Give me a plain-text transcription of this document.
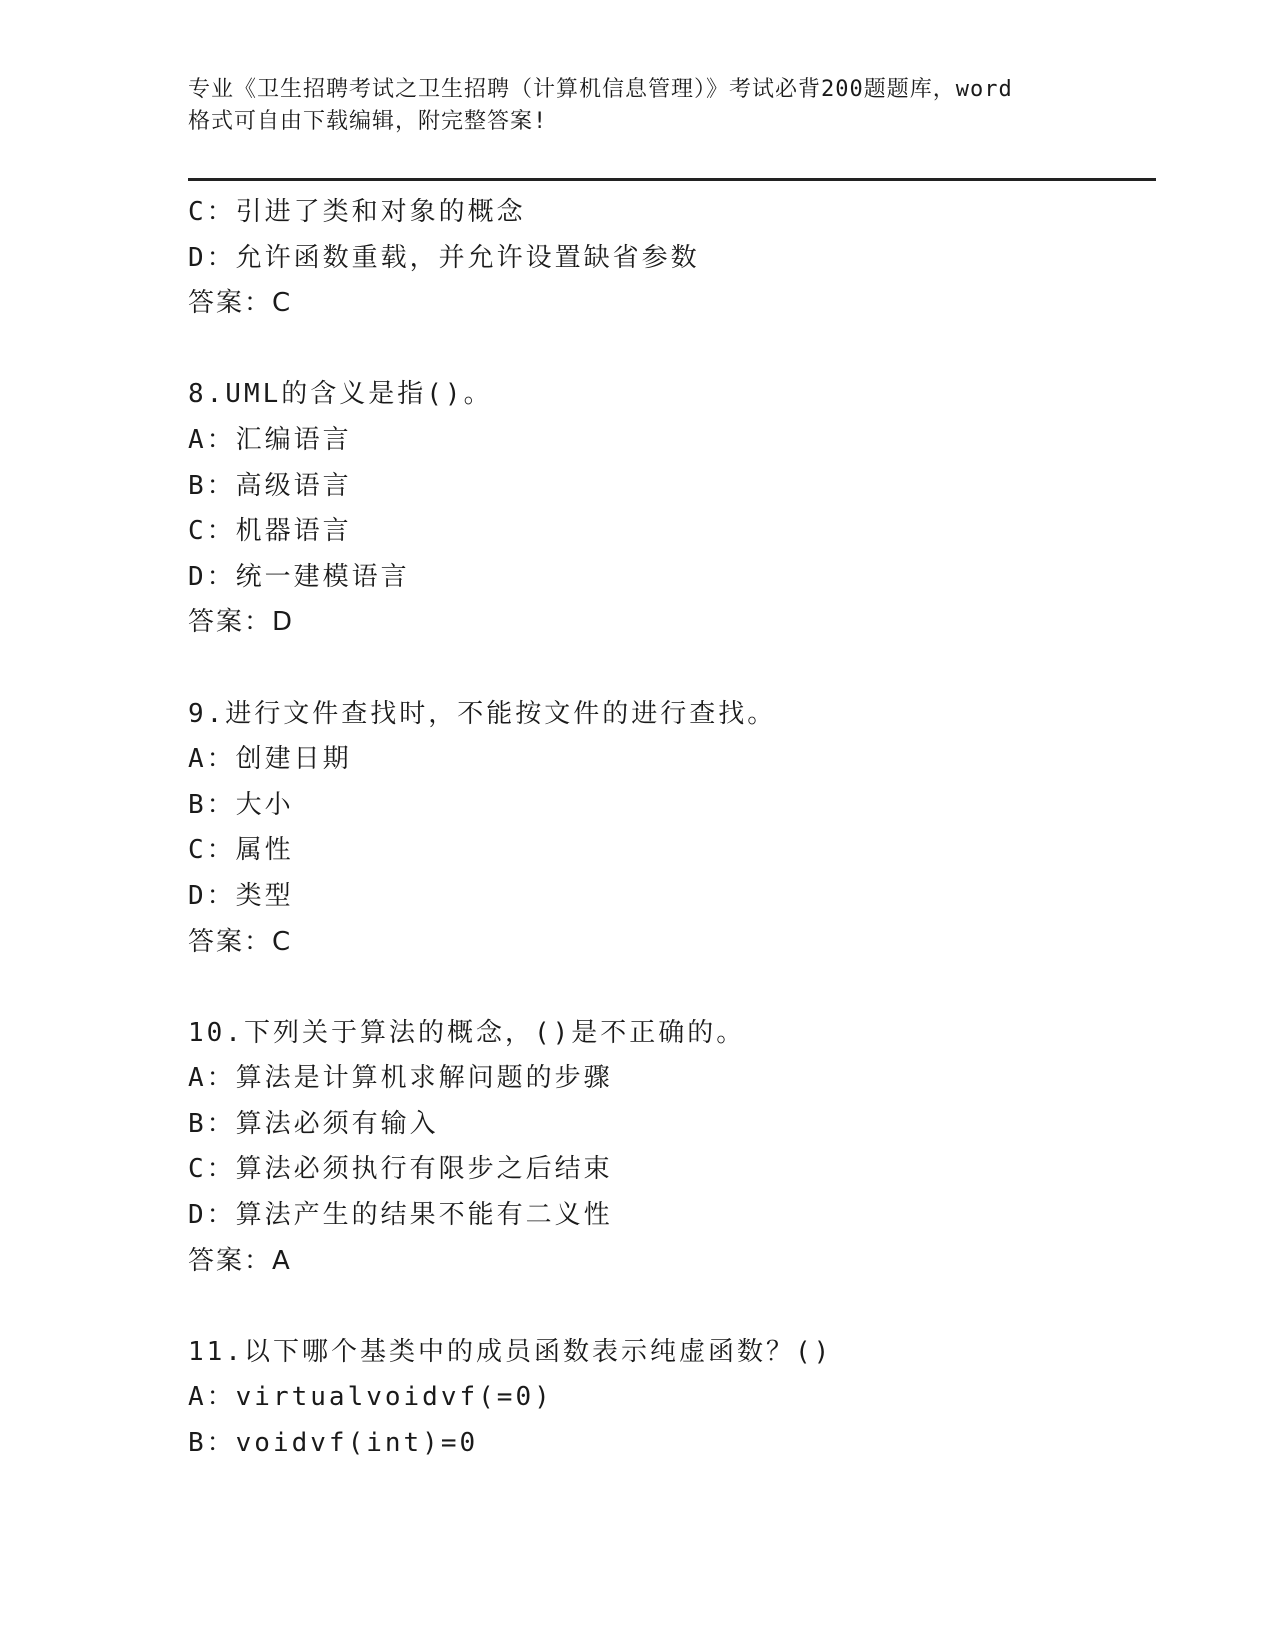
专业《卫生招聘考试之卫生招聘（计算机信息管理）》考试必背200题题库，word

格式可自由下载编辑，附完整答案!

C：引进了类和对象的概念
D：允许函数重载，并允许设置缺省参数
答案：C
8.UML的含义是指()。
A：汇编语言
B：高级语言
C：机器语言
D：统一建模语言
答案：D
9.进行文件查找时，不能按文件的进行查找。
A：创建日期
B：大小
C：属性
D：类型
答案：C
10.下列关于算法的概念，()是不正确的。
A：算法是计算机求解问题的步骤
B：算法必须有输入
C：算法必须执行有限步之后结束
D：算法产生的结果不能有二义性
答案：A
11.以下哪个基类中的成员函数表示纯虚函数？()
A：virtualvoidvf(=0)
B：voidvf(int)=0
